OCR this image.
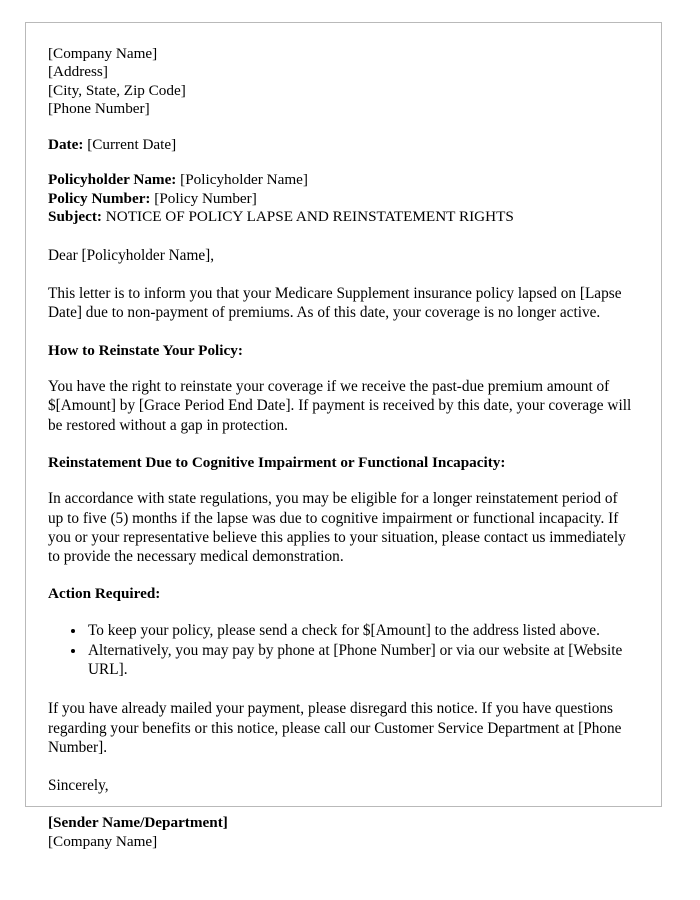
[Company Name]
[Address]
[City, State, Zip Code]
[Phone Number]
Date: [Current Date]
Policyholder Name: [Policyholder Name]
Policy Number: [Policy Number]
Subject: NOTICE OF POLICY LAPSE AND REINSTATEMENT RIGHTS

Dear [Policyholder Name],

This letter is to inform you that your Medicare Supplement insurance policy lapsed on [Lapse Date] due to non-payment of premiums. As of this date, your coverage is no longer active.

How to Reinstate Your Policy:

You have the right to reinstate your coverage if we receive the past-due premium amount of $[Amount] by [Grace Period End Date]. If payment is received by this date, your coverage will be restored without a gap in protection.

Reinstatement Due to Cognitive Impairment or Functional Incapacity:

In accordance with state regulations, you may be eligible for a longer reinstatement period of up to five (5) months if the lapse was due to cognitive impairment or functional incapacity. If you or your representative believe this applies to your situation, please contact us immediately to provide the necessary medical demonstration.

Action Required:
• To keep your policy, please send a check for $[Amount] to the address listed above.
• Alternatively, you may pay by phone at [Phone Number] or via our website at [Website URL].

If you have already mailed your payment, please disregard this notice. If you have questions regarding your benefits or this notice, please call our Customer Service Department at [Phone Number].

Sincerely,

[Sender Name/Department]
[Company Name]
